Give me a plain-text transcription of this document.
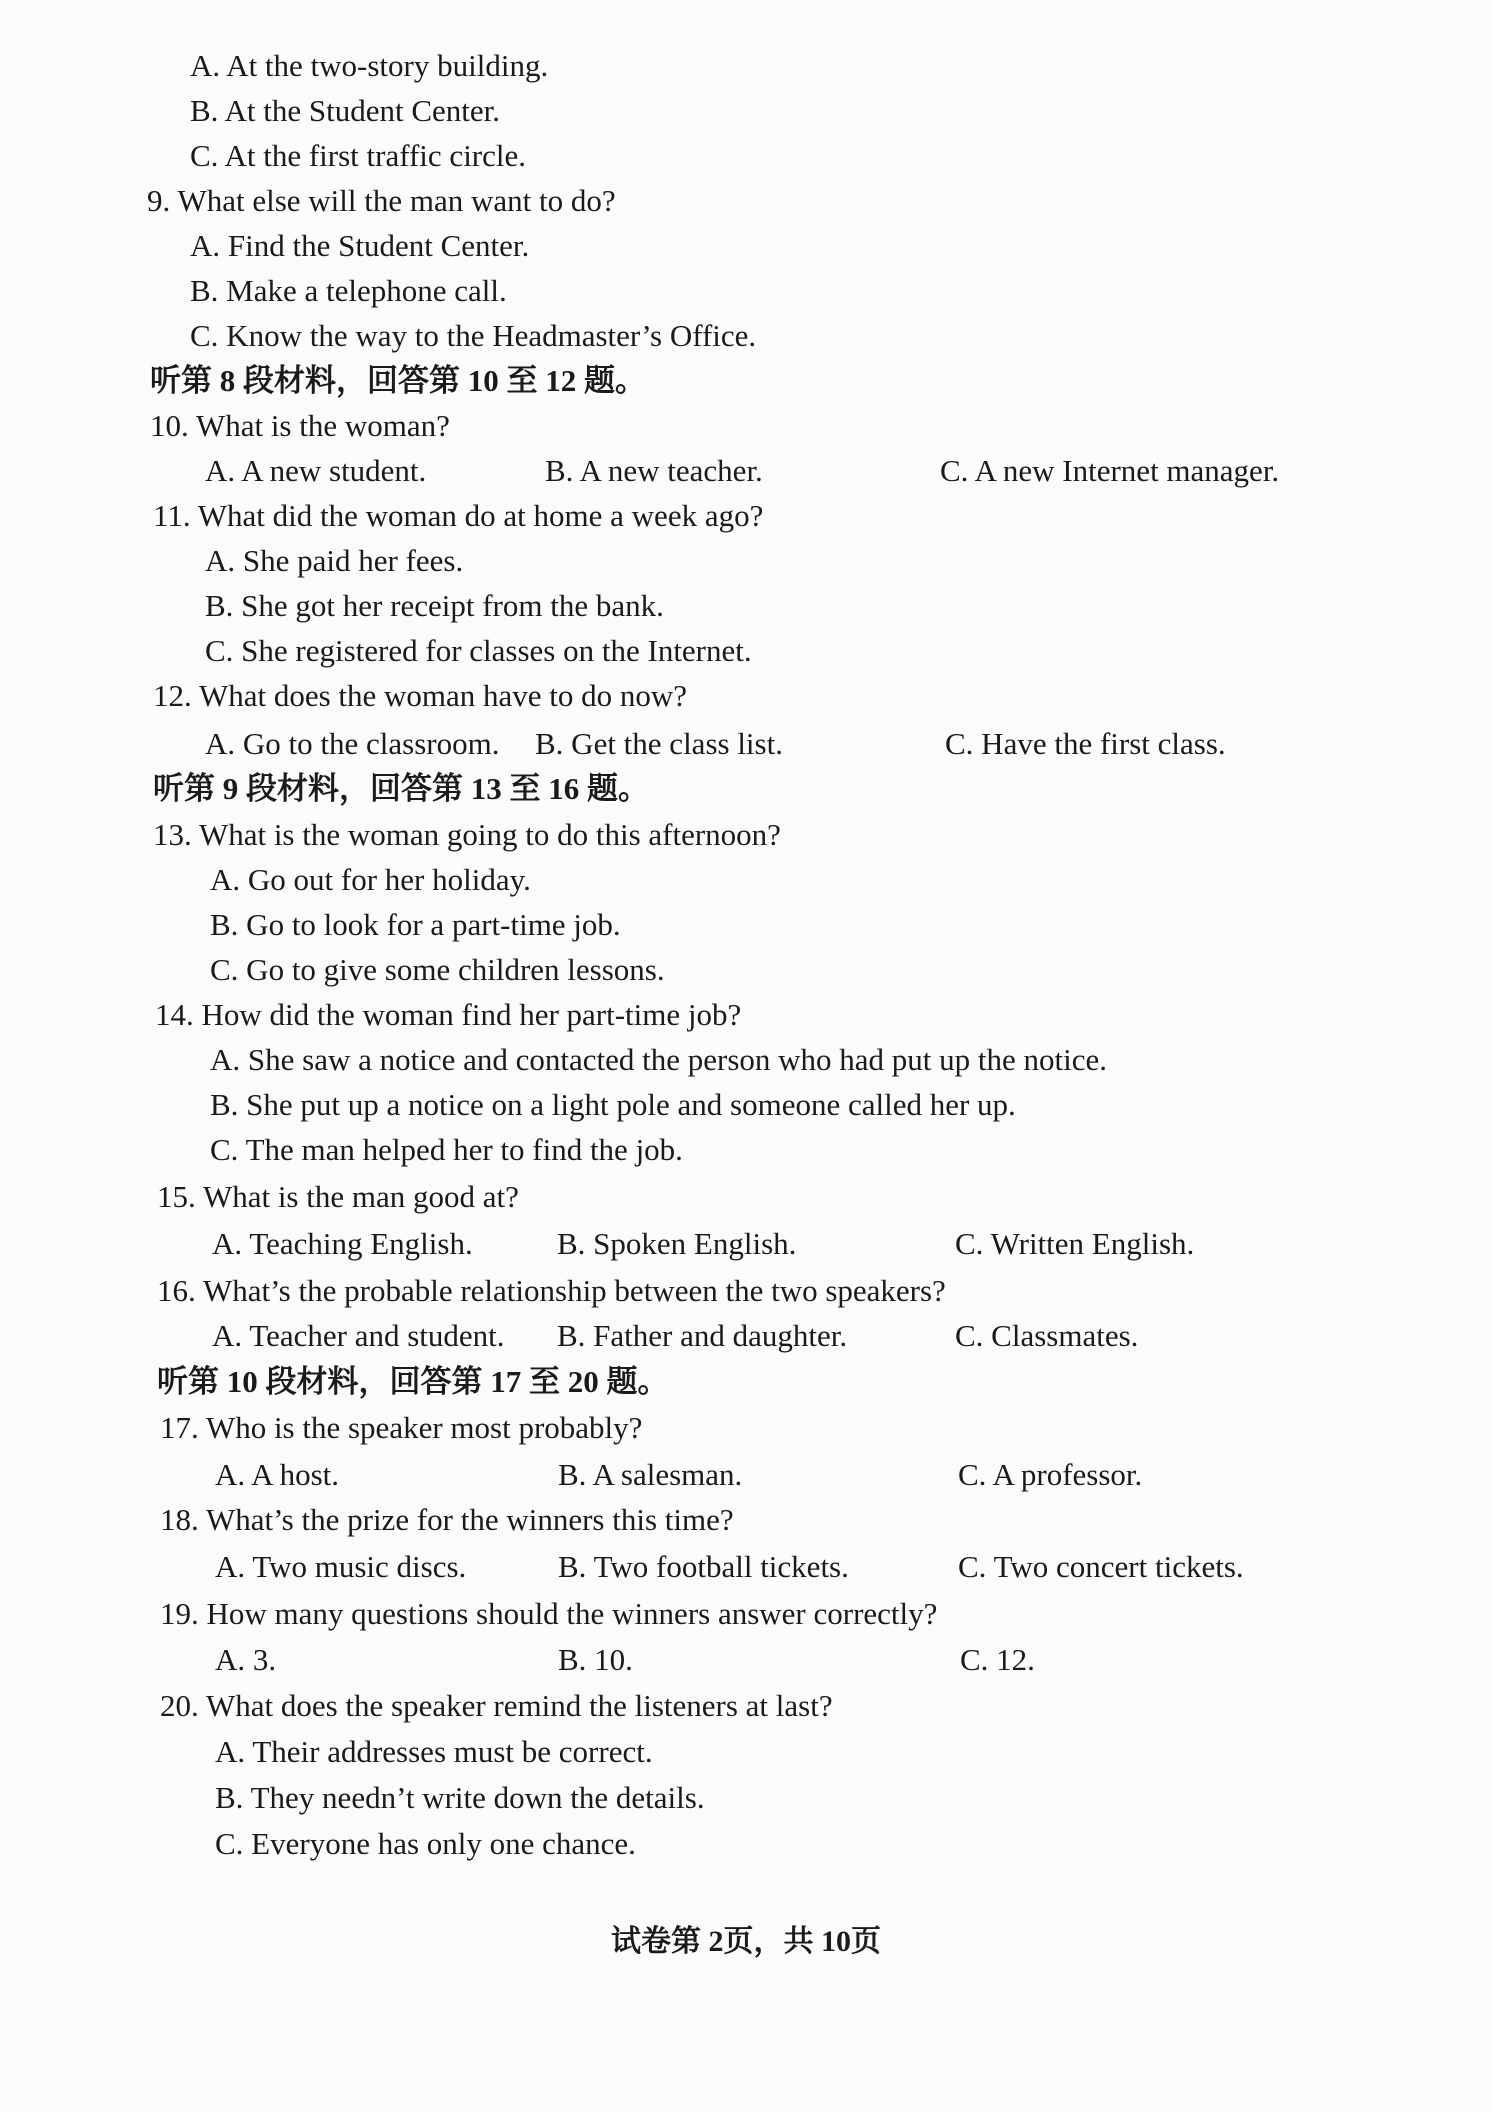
A. At the two-story building.
B. At the Student Center.
C. At the first traffic circle.
9. What else will the man want to do?
A. Find the Student Center.
B. Make a telephone call.
C. Know the way to the Headmaster’s Office.
听第 8 段材料，回答第 10 至 12 题。
10. What is the woman?
A. A new student.	B. A new teacher.	C. A new Internet manager.
11. What did the woman do at home a week ago?
A. She paid her fees.
B. She got her receipt from the bank.
C. She registered for classes on the Internet.
12. What does the woman have to do now?
A. Go to the classroom. B. Get the class list.	C. Have the first class.
听第 9 段材料，回答第 13 至 16 题。
13. What is the woman going to do this afternoon?
A. Go out for her holiday.
B. Go to look for a part-time job.
C. Go to give some children lessons.
14. How did the woman find her part-time job?
A. She saw a notice and contacted the person who had put up the notice.
B. She put up a notice on a light pole and someone called her up.
C. The man helped her to find the job.
15. What is the man good at?
A. Teaching English.	B. Spoken English.	C. Written English.
16. What’s the probable relationship between the two speakers?
A. Teacher and student. B. Father and daughter.	C. Classmates.
听第 10 段材料，回答第 17 至 20 题。
17. Who is the speaker most probably?
A. A host.	B. A salesman.	C. A professor.
18. What’s the prize for the winners this time?
A. Two music discs.	B. Two football tickets.	C. Two concert tickets.
19. How many questions should the winners answer correctly?
A. 3.	B. 10.	C. 12.
20. What does the speaker remind the listeners at last?
A. Their addresses must be correct.
B. They needn’t write down the details.
C. Everyone has only one chance.
试卷第 2页，共 10页
